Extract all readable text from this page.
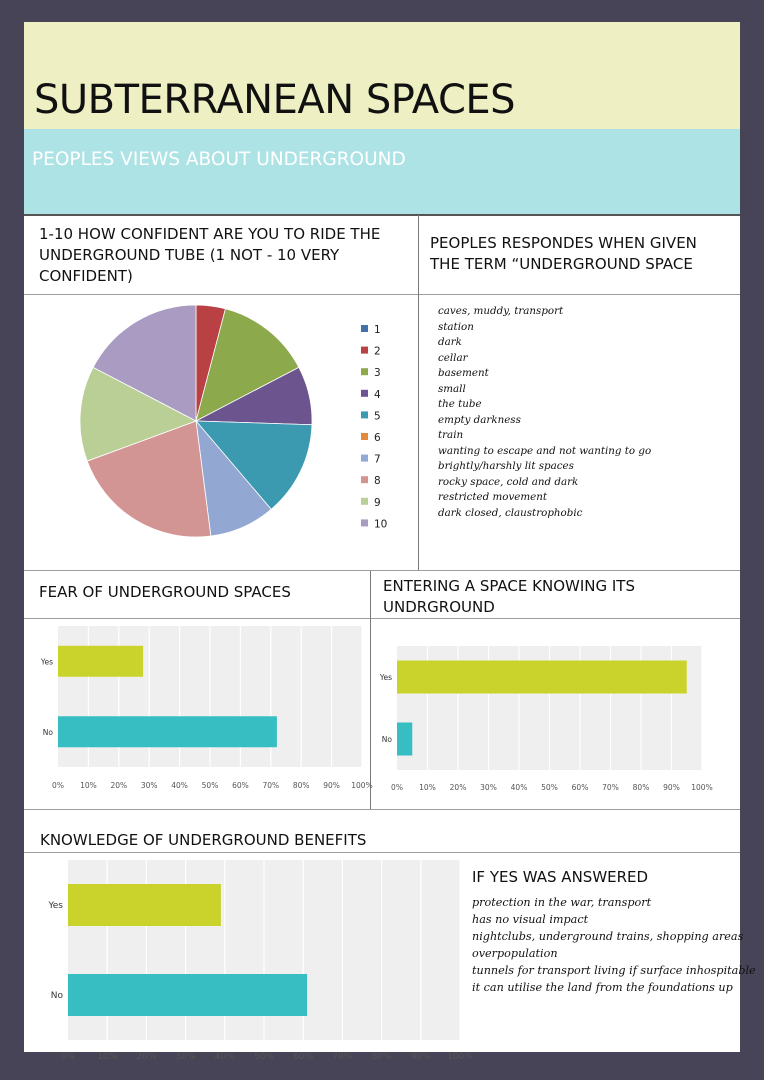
SUBTERRANEAN SPACES
PEOPLES VIEWS ABOUT UNDERGROUND
1-10 HOW CONFIDENT ARE YOU TO RIDE THE UNDERGROUND TUBE (1 NOT - 10 VERY CONFIDENT)
PEOPLES RESPONDES WHEN GIVEN THE TERM “UNDERGROUND SPACE
FEAR OF UNDERGROUND SPACES	ENTERING A SPACE KNOWING ITS UNDRGROUND
KNOWLEDGE OF UNDERGROUND BENEFITS
IF YES WAS ANSWERED
caves, muddy, transport
station
dark
cellar
basement
small
the tube
empty darkness
train
wanting to escape and not wanting to go
brightly/harshly lit spaces
rocky space, cold and dark
restricted movement
dark closed, claustrophobic
protection in the war, transport
has no visual impact
nightclubs, underground trains, shopping areas
overpopulation
tunnels for transport living if surface inhospitable
it can utilise the land from the foundations up
1
2
3
4
5
6
7
8
9
10
0% 10% 20% 30% 40% 50% 60% 70% 80% 90% 100%
Yes
No
0% 10% 20% 30% 40% 50% 60% 70% 80% 90% 100%
Yes
No
0% 10% 20% 30% 40% 50% 60% 70% 80% 90% 100%
Yes
No
